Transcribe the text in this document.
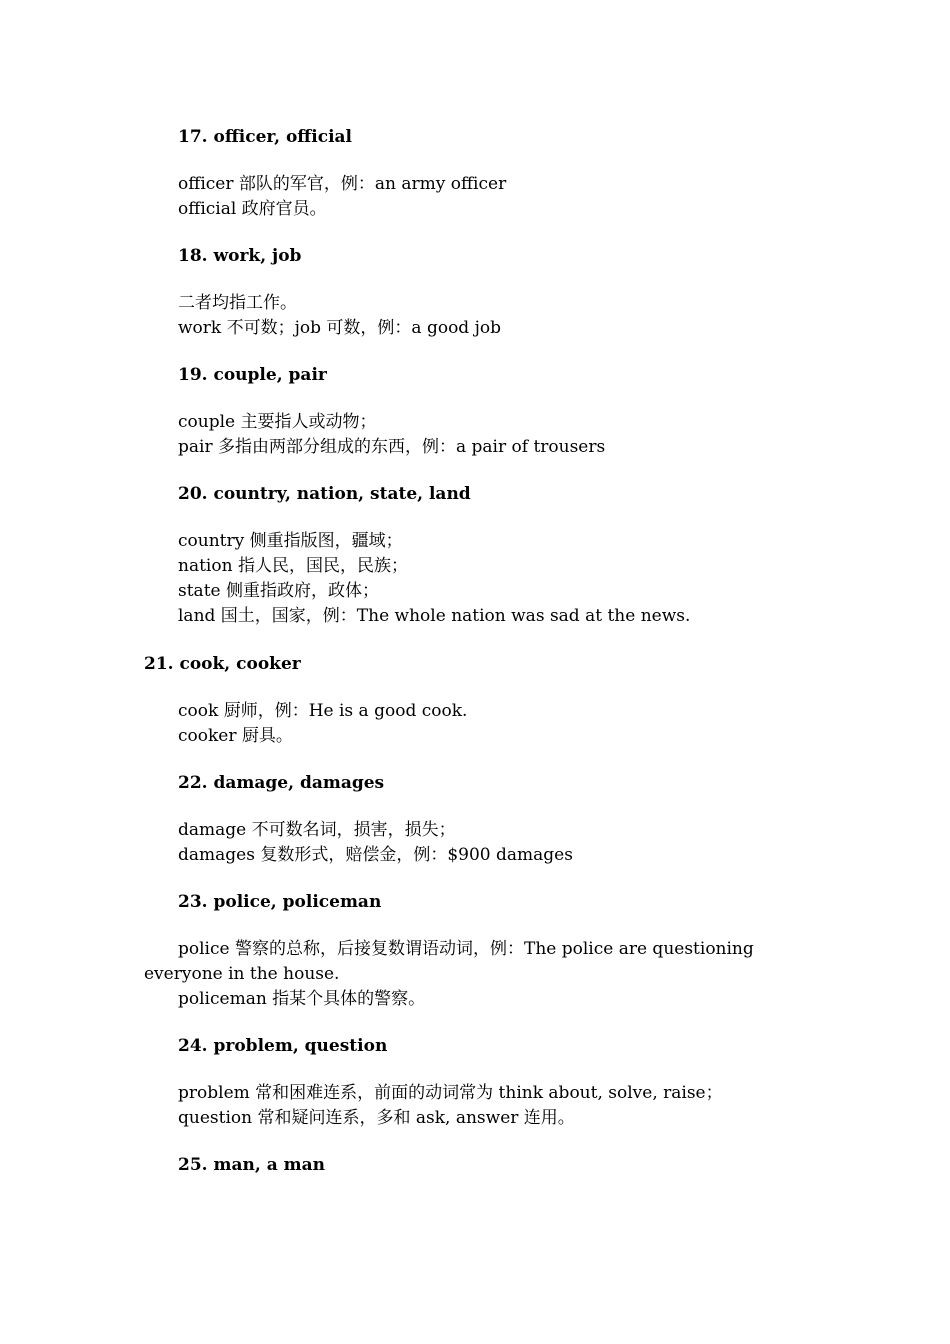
17. officer, official
officer 部队的军官，例：an army officer
official 政府官员。
18. work, job
二者均指工作。
work 不可数；job 可数，例：a good job
19. couple, pair
couple 主要指人或动物；
pair 多指由两部分组成的东西，例：a pair of trousers
20. country, nation, state, land
country 侧重指版图，疆域；
nation 指人民，国民，民族；
state 侧重指政府，政体；
land 国土，国家，例：The whole nation was sad at the news.
21. cook, cooker
cook 厨师，例：He is a good cook.
cooker 厨具。
22. damage, damages
damage 不可数名词，损害，损失；
damages 复数形式，赔偿金，例：$900 damages
23. police, policeman
police 警察的总称，后接复数谓语动词，例：The police are questioning
everyone in the house.
policeman 指某个具体的警察。
24. problem, question
problem 常和困难连系，前面的动词常为 think about, solve, raise；
question 常和疑问连系，多和 ask, answer 连用。
25. man, a man
